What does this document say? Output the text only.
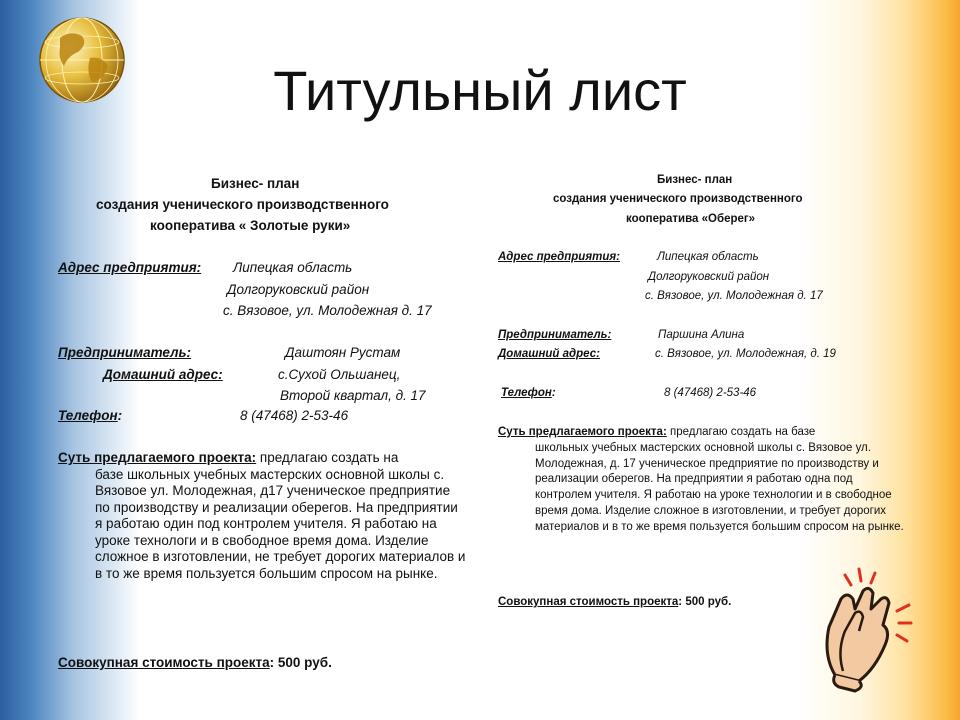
Титульный лист
Бизнес- план
создания ученического производственного
кооператива « Золотые руки»
Адрес предприятия: Липецкая область
Долгоруковский район
с. Вязовое, ул. Молодежная д. 17
Предприниматель:	Даштоян Рустам
Домашний адрес:	с.Сухой Ольшанец,
Второй квартал, д. 17
Телефон:	8 (47468) 2-53-46
Суть предлагаемого проекта: предлагаю создать на
базе школьных учебных мастерских основной школы с. Вязовое ул. Молодежная, д17 ученическое предприятие по производству и реализации оберегов. На предприятии я работаю один под контролем учителя. Я работаю на уроке технологи и в свободное время дома. Изделие сложное в изготовлении, не требует дорогих материалов и в то же время пользуется большим спросом на рынке.
Совокупная стоимость проекта: 500 руб.
Бизнес- план
создания ученического производственного
кооператива «Оберег»
Адрес предприятия:	Липецкая область
Долгоруковский район
с. Вязовое, ул. Молодежная д. 17
Предприниматель:	Паршина Алина
Домашний адрес:	с. Вязовое, ул. Молодежная, д. 19
Телефон:	8 (47468) 2-53-46
Суть предлагаемого проекта: предлагаю создать на базе
школьных учебных мастерских основной школы с. Вязовое ул. Молодежная, д. 17 ученическое предприятие по производству и реализации оберегов. На предприятии я работаю одна под контролем учителя. Я работаю на уроке технологии и в свободное время дома. Изделие сложное в изготовлении, и требует дорогих материалов и в то же время пользуется большим спросом на рынке.
Совокупная стоимость проекта: 500 руб.
